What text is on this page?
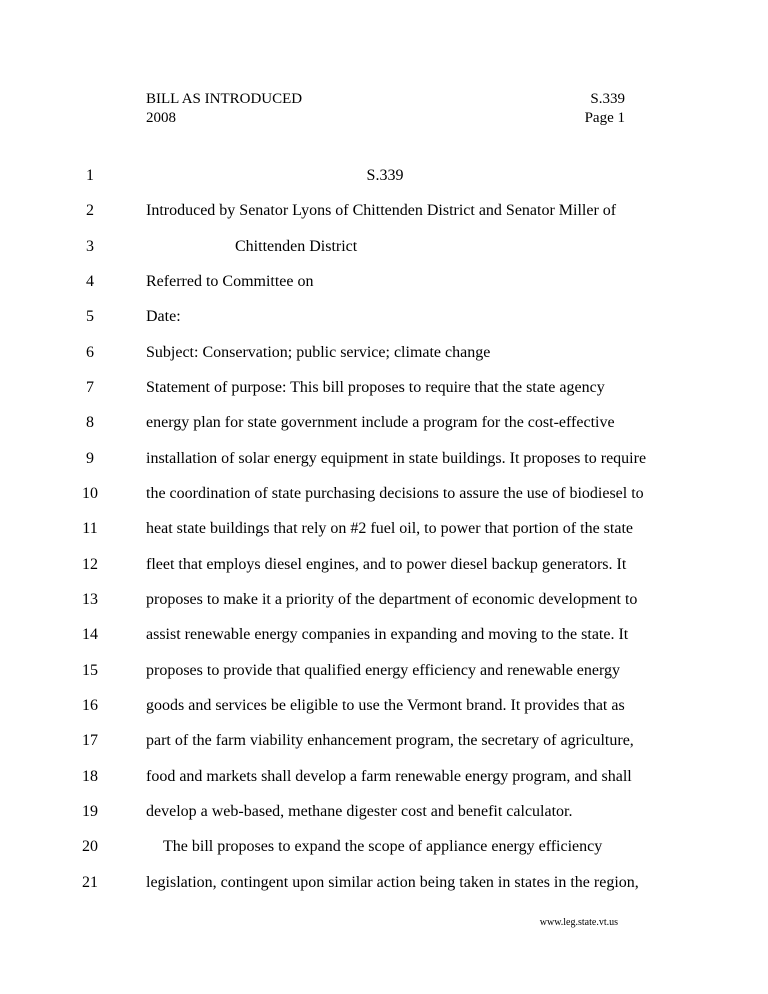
BILL AS INTRODUCED
2008
S.339
Page 1
1	S.339
2	Introduced by Senator Lyons of Chittenden District and Senator Miller of
3	Chittenden District
4	Referred to Committee on
5	Date:
6	Subject: Conservation; public service; climate change
7	Statement of purpose: This bill proposes to require that the state agency
8	energy plan for state government include a program for the cost-effective
9	installation of solar energy equipment in state buildings. It proposes to require
10	the coordination of state purchasing decisions to assure the use of biodiesel to
11	heat state buildings that rely on #2 fuel oil, to power that portion of the state
12	fleet that employs diesel engines, and to power diesel backup generators. It
13	proposes to make it a priority of the department of economic development to
14	assist renewable energy companies in expanding and moving to the state. It
15	proposes to provide that qualified energy efficiency and renewable energy
16	goods and services be eligible to use the Vermont brand. It provides that as
17	part of the farm viability enhancement program, the secretary of agriculture,
18	food and markets shall develop a farm renewable energy program, and shall
19	develop a web-based, methane digester cost and benefit calculator.
20	The bill proposes to expand the scope of appliance energy efficiency
21	legislation, contingent upon similar action being taken in states in the region,
www.leg.state.vt.us
